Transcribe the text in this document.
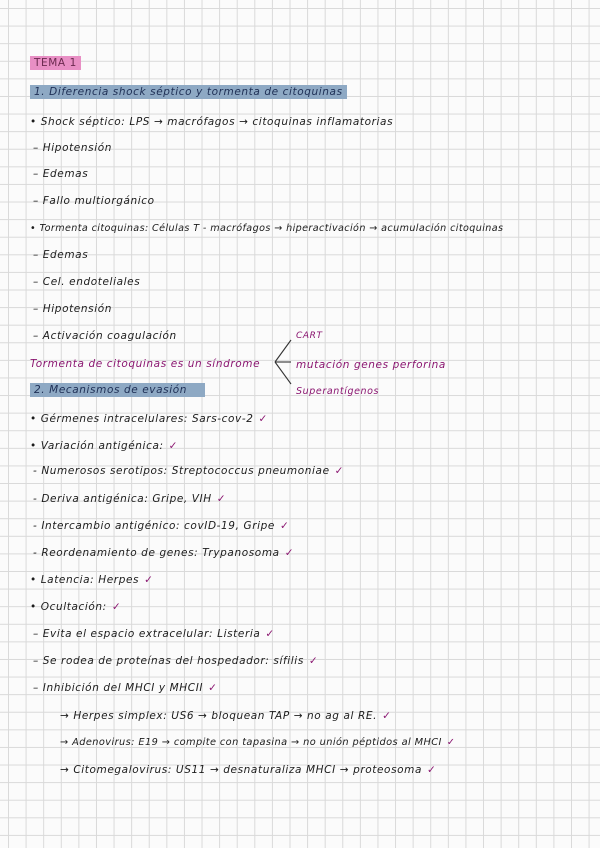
TEMA 1
1. Diferencia shock séptico y tormenta de citoquinas
• Shock séptico: LPS → macrófagos → citoquinas inflamatorias
– Hipotensión
– Edemas
– Fallo multiorgánico
• Tormenta citoquinas: Células T - macrófagos → hiperactivación → acumulación citoquinas
– Edemas
– Cel. endoteliales
– Hipotensión
– Activación coagulación	CART
Tormenta de citoquinas es un síndrome	mutación genes perforina
Superantígenos
2. Mecanismos de evasión
• Gérmenes intracelulares: Sars-cov-2 ✓
• Variación antigénica: ✓
- Numerosos serotipos: Streptococcus pneumoniae ✓
- Deriva antigénica: Gripe, VIH ✓
- Intercambio antigénico: covID-19, Gripe ✓
- Reordenamiento de genes: Trypanosoma ✓
• Latencia: Herpes ✓
• Ocultación: ✓
– Evita el espacio extracelular: Listeria ✓
– Se rodea de proteínas del hospedador: sífilis ✓
– Inhibición del MHCI y MHCII ✓
→ Herpes simplex: US6 → bloquean TAP → no ag al RE. ✓
→ Adenovirus: E19 → compite con tapasina → no unión péptidos al MHCI ✓
→ Citomegalovirus: US11 → desnaturaliza MHCI → proteosoma ✓
